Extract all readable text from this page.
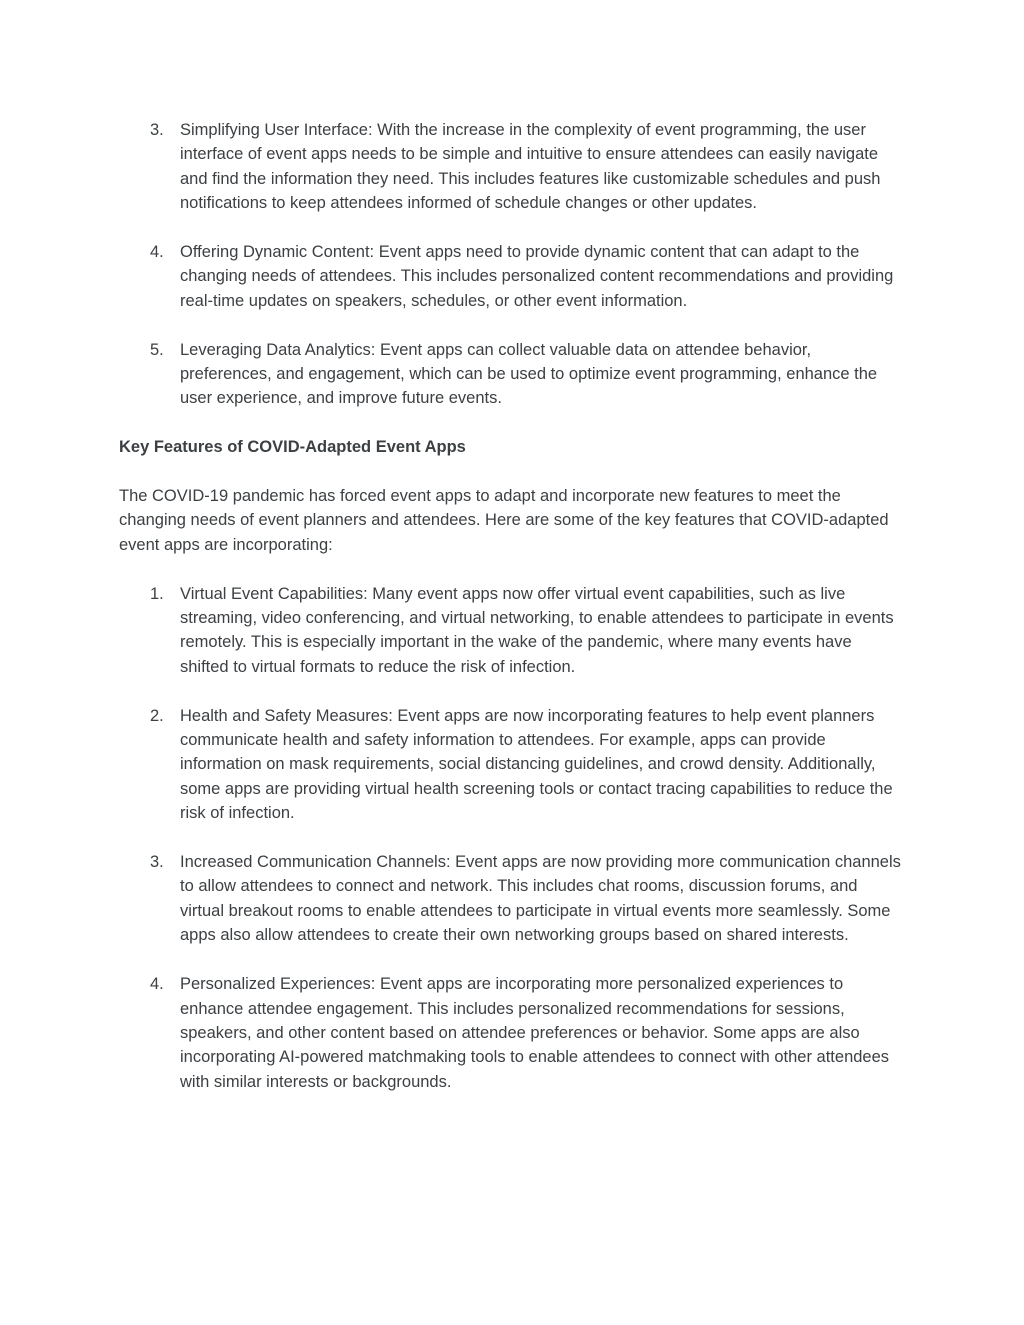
3. Simplifying User Interface: With the increase in the complexity of event programming, the user interface of event apps needs to be simple and intuitive to ensure attendees can easily navigate and find the information they need. This includes features like customizable schedules and push notifications to keep attendees informed of schedule changes or other updates.
4. Offering Dynamic Content: Event apps need to provide dynamic content that can adapt to the changing needs of attendees. This includes personalized content recommendations and providing real-time updates on speakers, schedules, or other event information.
5. Leveraging Data Analytics: Event apps can collect valuable data on attendee behavior, preferences, and engagement, which can be used to optimize event programming, enhance the user experience, and improve future events.
Key Features of COVID-Adapted Event Apps

The COVID-19 pandemic has forced event apps to adapt and incorporate new features to meet the changing needs of event planners and attendees. Here are some of the key features that COVID-adapted event apps are incorporating:

1. Virtual Event Capabilities: Many event apps now offer virtual event capabilities, such as live streaming, video conferencing, and virtual networking, to enable attendees to participate in events remotely. This is especially important in the wake of the pandemic, where many events have shifted to virtual formats to reduce the risk of infection.
2. Health and Safety Measures: Event apps are now incorporating features to help event planners communicate health and safety information to attendees. For example, apps can provide information on mask requirements, social distancing guidelines, and crowd density. Additionally, some apps are providing virtual health screening tools or contact tracing capabilities to reduce the risk of infection.
3. Increased Communication Channels: Event apps are now providing more communication channels to allow attendees to connect and network. This includes chat rooms, discussion forums, and virtual breakout rooms to enable attendees to participate in virtual events more seamlessly. Some apps also allow attendees to create their own networking groups based on shared interests.
4. Personalized Experiences: Event apps are incorporating more personalized experiences to enhance attendee engagement. This includes personalized recommendations for sessions, speakers, and other content based on attendee preferences or behavior. Some apps are also incorporating AI-powered matchmaking tools to enable attendees to connect with other attendees with similar interests or backgrounds.
